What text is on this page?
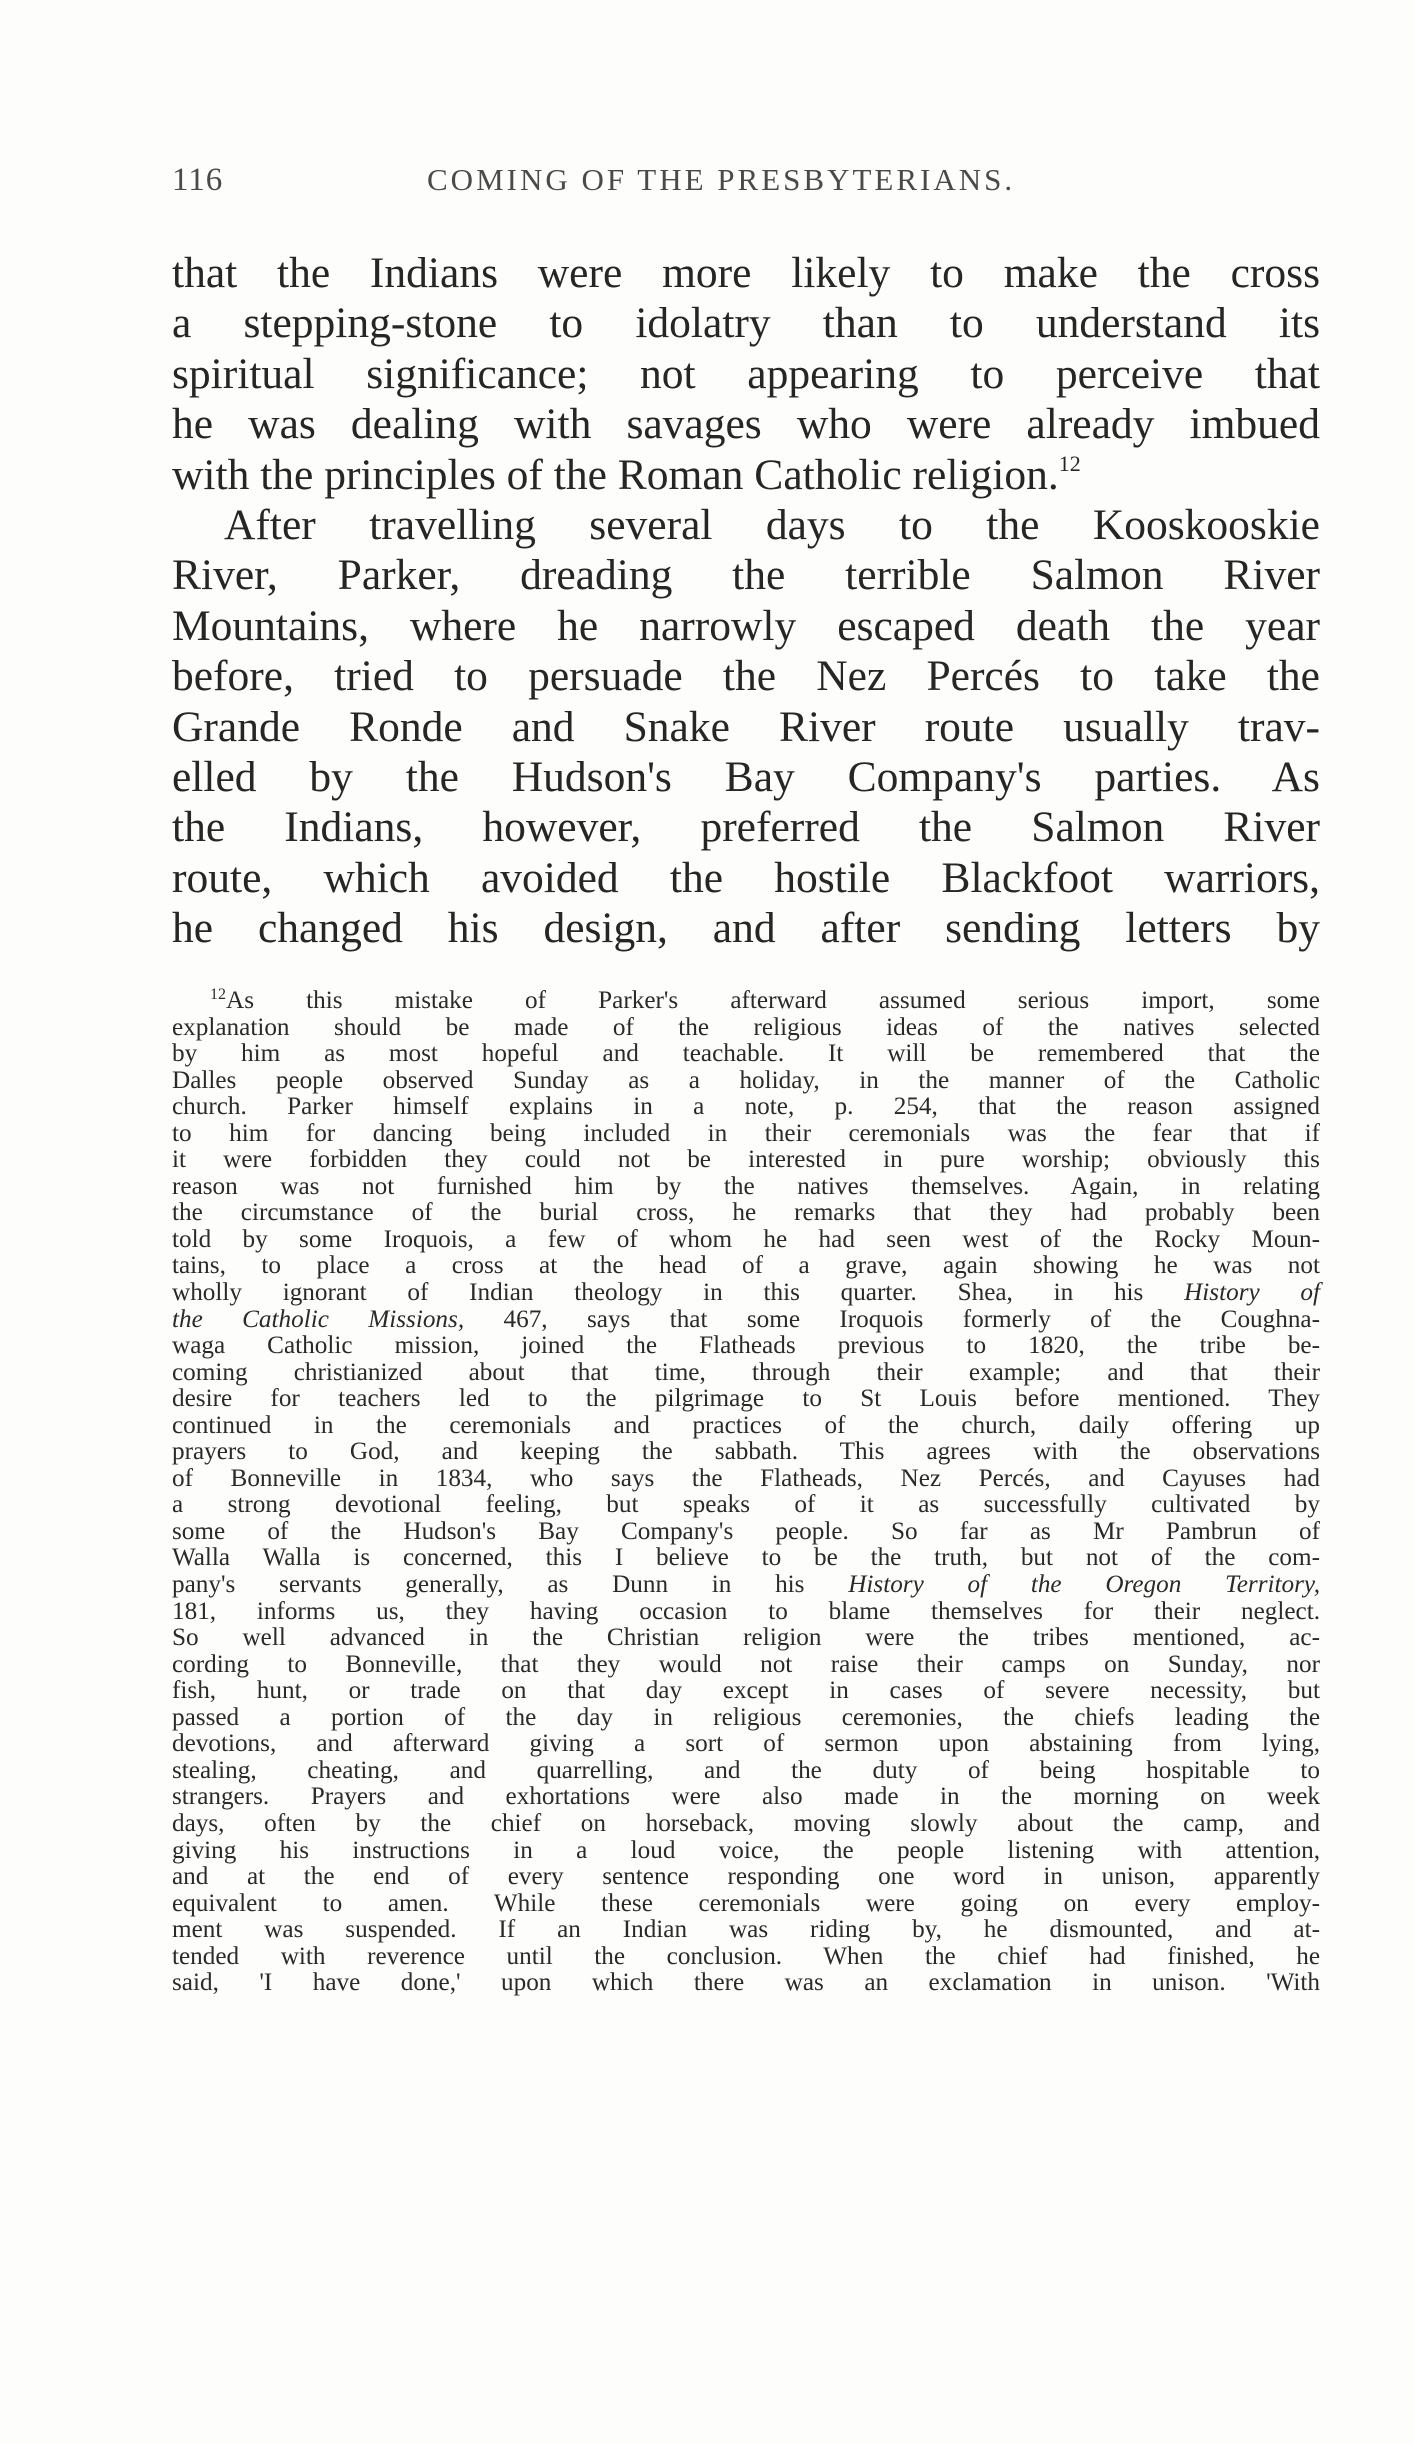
116	COMING OF THE PRESBYTERIANS.
that the Indians were more likely to make the cross
a stepping-stone to idolatry than to understand its
spiritual significance; not appearing to perceive that
he was dealing with savages who were already imbued
with the principles of the Roman Catholic religion.$^{12}$
After travelling several days to the Kooskooskie
River, Parker, dreading the terrible Salmon River
Mountains, where he narrowly escaped death the year
before, tried to persuade the Nez Percés to take the
Grande Ronde and Snake River route usually trav-
elled by the Hudson's Bay Company's parties. As
the Indians, however, preferred the Salmon River
route, which avoided the hostile Blackfoot warriors,
he changed his design, and after sending letters by
$^{12}$As this mistake of Parker's afterward assumed serious import, some
explanation should be made of the religious ideas of the natives selected
by him as most hopeful and teachable. It will be remembered that the
Dalles people observed Sunday as a holiday, in the manner of the Catholic
church. Parker himself explains in a note, p. 254, that the reason assigned
to him for dancing being included in their ceremonials was the fear that if
it were forbidden they could not be interested in pure worship; obviously this
reason was not furnished him by the natives themselves. Again, in relating
the circumstance of the burial cross, he remarks that they had probably been
told by some Iroquois, a few of whom he had seen west of the Rocky Moun-
tains, to place a cross at the head of a grave, again showing he was not
wholly ignorant of Indian theology in this quarter. Shea, in his History of
the Catholic Missions, 467, says that some Iroquois formerly of the Coughna-
waga Catholic mission, joined the Flatheads previous to 1820, the tribe be-
coming christianized about that time, through their example; and that their
desire for teachers led to the pilgrimage to St Louis before mentioned. They
continued in the ceremonials and practices of the church, daily offering up
prayers to God, and keeping the sabbath. This agrees with the observations
of Bonneville in 1834, who says the Flatheads, Nez Percés, and Cayuses had
a strong devotional feeling, but speaks of it as successfully cultivated by
some of the Hudson's Bay Company's people. So far as Mr Pambrun of
Walla Walla is concerned, this I believe to be the truth, but not of the com-
pany's servants generally, as Dunn in his History of the Oregon Territory,
181, informs us, they having occasion to blame themselves for their neglect.
So well advanced in the Christian religion were the tribes mentioned, ac-
cording to Bonneville, that they would not raise their camps on Sunday, nor
fish, hunt, or trade on that day except in cases of severe necessity, but
passed a portion of the day in religious ceremonies, the chiefs leading the
devotions, and afterward giving a sort of sermon upon abstaining from lying,
stealing, cheating, and quarrelling, and the duty of being hospitable to
strangers. Prayers and exhortations were also made in the morning on week
days, often by the chief on horseback, moving slowly about the camp, and
giving his instructions in a loud voice, the people listening with attention,
and at the end of every sentence responding one word in unison, apparently
equivalent to amen. While these ceremonials were going on every employ-
ment was suspended. If an Indian was riding by, he dismounted, and at-
tended with reverence until the conclusion. When the chief had finished, he
said, 'I have done,' upon which there was an exclamation in unison. 'With
